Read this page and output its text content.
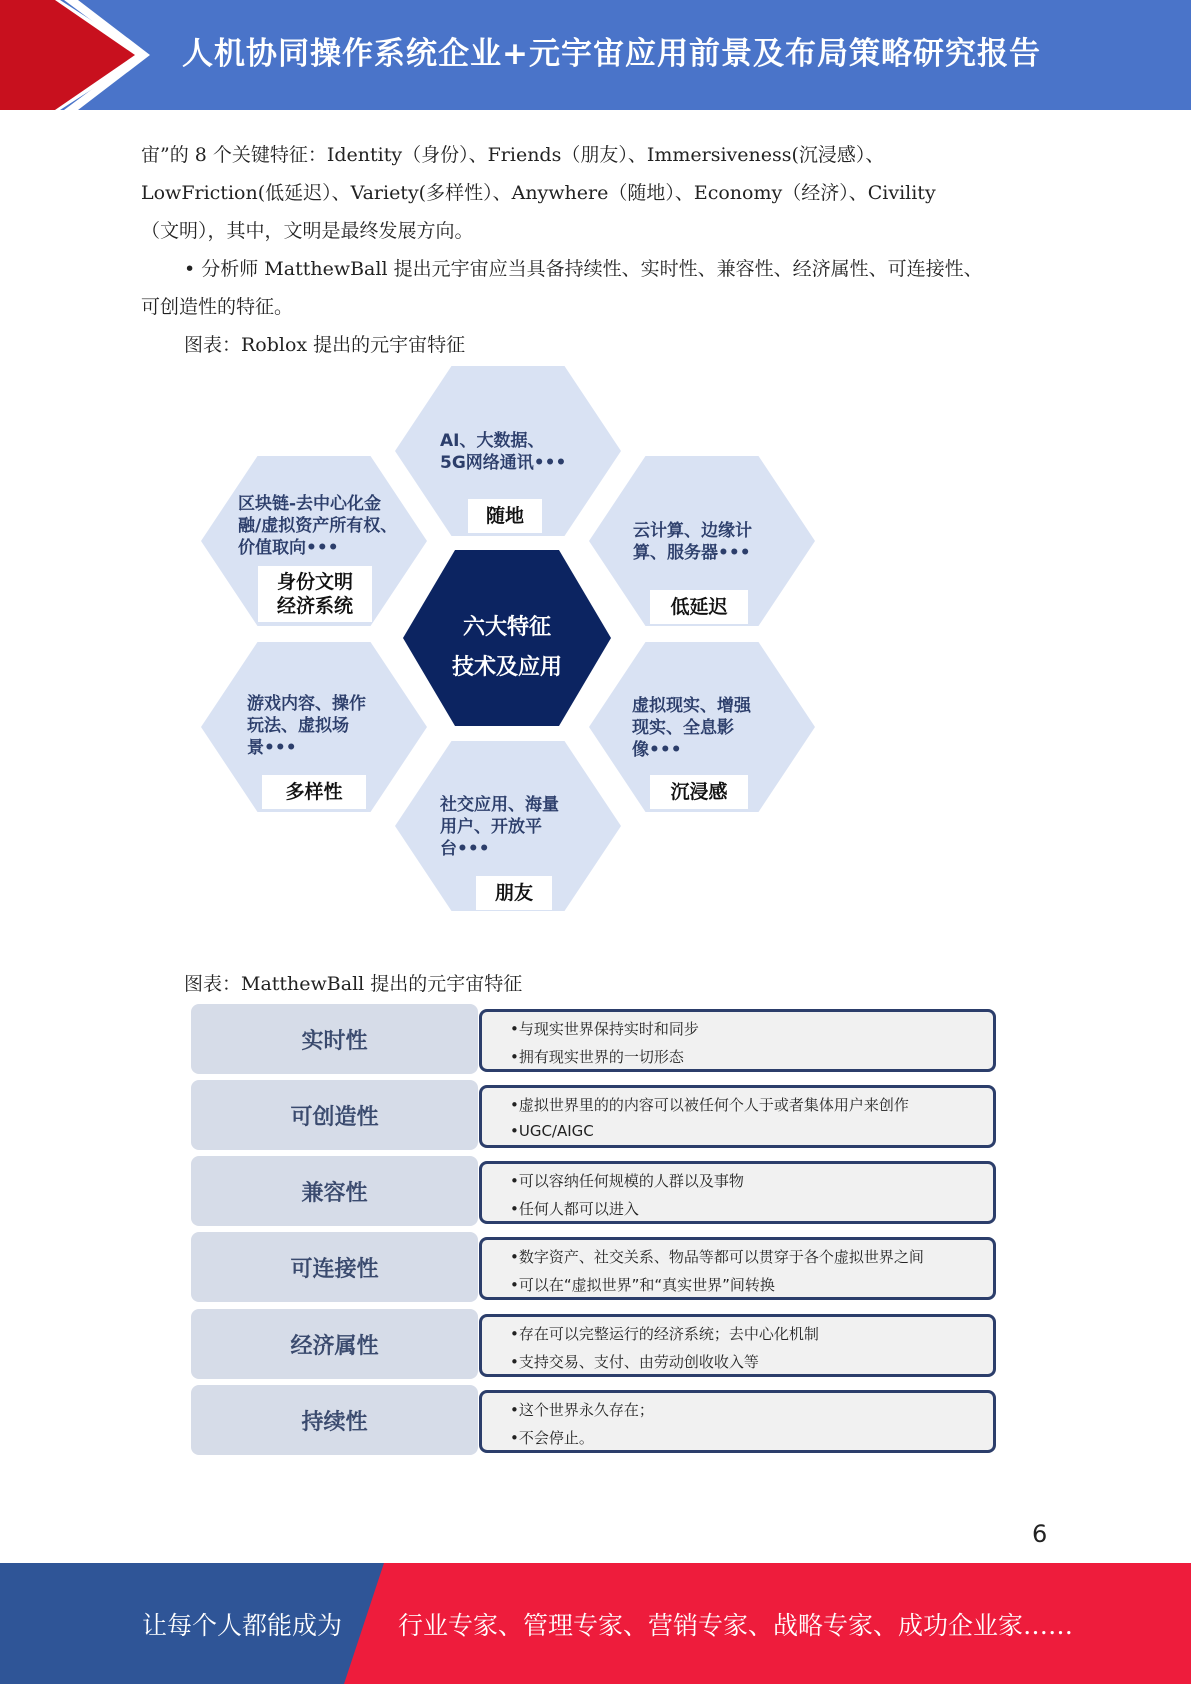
人机协同操作系统企业+元宇宙应用前景及布局策略研究报告
宙”的 8 个关键特征：Identity（身份）、Friends（朋友）、Immersiveness(沉浸感）、
LowFriction(低延迟）、Variety(多样性）、Anywhere（随地）、Economy（经济）、Civility
（文明），其中，文明是最终发展方向。
• 分析师 MatthewBall 提出元宇宙应当具备持续性、实时性、兼容性、经济属性、可连接性、
可创造性的特征。
图表：Roblox 提出的元宇宙特征
AI、大数据、
5G网络通讯•••
随地
区块链-去中心化金
融/虚拟资产所有权、
价值取向•••
身份文明
经济系统
云计算、边缘计
算、服务器•••
低延迟
六大特征
技术及应用
游戏内容、操作
玩法、虚拟场
景•••
多样性
虚拟现实、增强
现实、全息影
像•••
沉浸感
社交应用、海量
用户、开放平
台•••
朋友
图表：MatthewBall 提出的元宇宙特征
实时性	•与现实世界保持实时和同步
•拥有现实世界的一切形态
可创造性	•虚拟世界里的的内容可以被任何个人于或者集体用户来创作
•UGC/AIGC
兼容性	•可以容纳任何规模的人群以及事物
•任何人都可以进入
可连接性	•数字资产、社交关系、物品等都可以贯穿于各个虚拟世界之间
•可以在“虚拟世界”和“真实世界”间转换
经济属性	•存在可以完整运行的经济系统；去中心化机制
•支持交易、支付、由劳动创收收入等
持续性	•这个世界永久存在；
•不会停止。
6
让每个人都能成为 行业专家、管理专家、营销专家、战略专家、成功企业家……
